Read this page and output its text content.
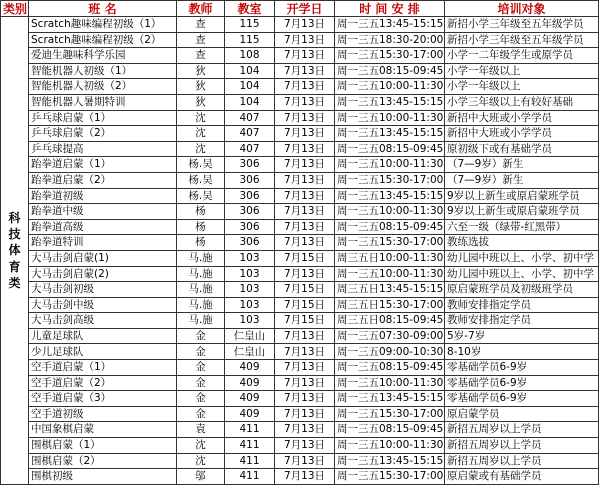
类别	班 名	教师	教室	开学日	时 间 安 排	培训对象
科技体育类	Scratch趣味编程初级（1）	查	115	7月13日	周一三五13:45-15:15	新招小学三年级至五年级学员
	Scratch趣味编程初级（2）	查	115	7月13日	周一三五18:30-20:00	新招小学三年级至五年级学员
	爱迪生趣味科学乐园	查	108	7月13日	周一三五15:30-17:00	小学一二年级学生或原学员
	智能机器人初级（1）	狄	104	7月13日	周一三五08:15-09:45	小学一年级以上
	智能机器人初级（2）	狄	104	7月13日	周一三五10:00-11:30	小学一年级以上
	智能机器人暑期特训	狄	104	7月13日	周一三五13:45-15:15	小学三年级以上有较好基础
	乒乓球启蒙（1）	沈	407	7月13日	周一三五10:00-11:30	新招中大班或小学学员
	乒乓球启蒙（2）	沈	407	7月13日	周一三五13:45-15:15	新招中大班或小学学员
	乒乓球提高	沈	407	7月13日	周一三五08:15-09:45	原初级下或有基础学员
	跆拳道启蒙（1）	杨.吴	306	7月13日	周一三五10:00-11:30	（7—9岁）新生
	跆拳道启蒙（2）	杨.吴	306	7月13日	周一三五15:30-17:00	（7—9岁）新生
	跆拳道初级	杨.吴	306	7月13日	周一三五13:45-15:15	9岁以上新生或原启蒙班学员
	跆拳道中级	杨	306	7月13日	周一三五10:00-11:30	9岁以上新生或原启蒙班学员
	跆拳道高级	杨	306	7月13日	周一三五08:15-09:45	六至一级（绿带-红黑带）
	跆拳道特训	杨	306	7月13日	周一三五15:30-17:00	教练选拔
	大马击剑启蒙(1)	马.施	103	7月15日	周三五日10:00-11:30	幼儿园中班以上、小学、初中学
	大马击剑启蒙(2)	马.施	103	7月13日	周一三五10:00-11:30	幼儿园中班以上、小学、初中学
	大马击剑初级	马.施	103	7月15日	周三五日13:45-15:15	原启蒙班学员及初级班学员
	大马击剑中级	马.施	103	7月15日	周三五日15:30-17:00	教师安排指定学员
	大马击剑高级	马.施	103	7月15日	周三五日08:15-09:45	教师安排指定学员
	儿童足球队	金	仁皇山	7月13日	周一三五07:30-09:00	5岁-7岁
	少儿足球队	金	仁皇山	7月13日	周一三五09:00-10:30	8-10岁
	空手道启蒙（1）	金	409	7月13日	周一三五08:15-09:45	零基础学员6-9岁
	空手道启蒙（2）	金	409	7月13日	周一三五10:00-11:30	零基础学员6-9岁
	空手道启蒙（3）	金	409	7月13日	周一三五13:45-15:15	零基础学员6-9岁
	空手道初级	金	409	7月13日	周一三五15:30-17:00	原启蒙学员
	中国象棋启蒙	袁	411	7月13日	周一三五08:15-09:45	新招五周岁以上学员
	围棋启蒙（1）	沈	411	7月13日	周一三五10:00-11:30	新招五周岁以上学员
	围棋启蒙（2）	沈	411	7月13日	周一三五13:45-15:15	新招五周岁以上学员
	围棋初级	邬	411	7月13日	周一三五15:30-17:00	原启蒙或有基础学员
